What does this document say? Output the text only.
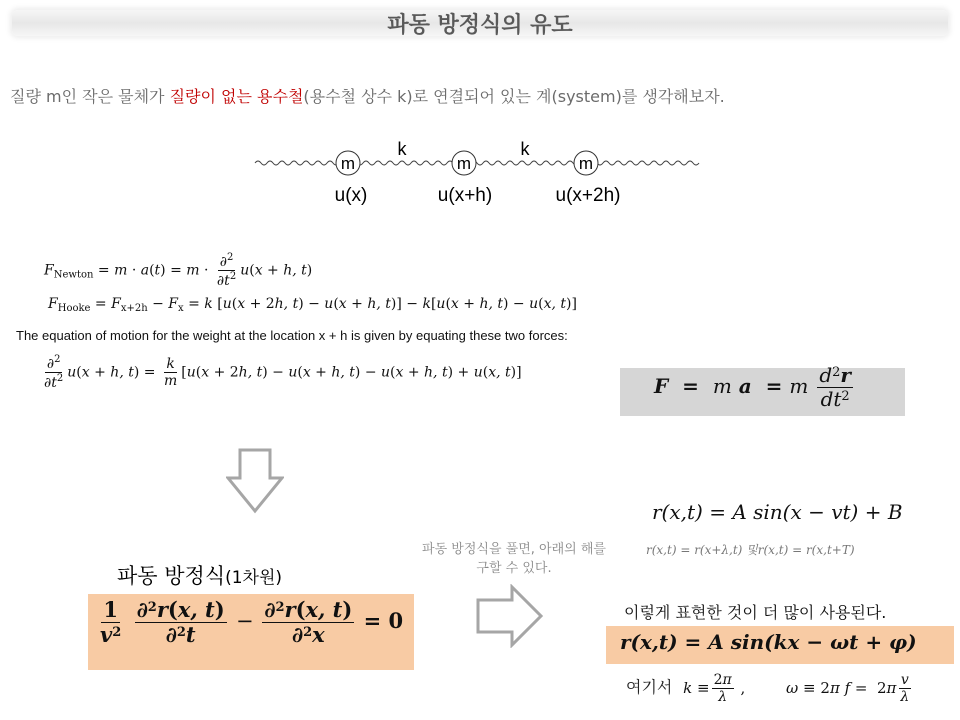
파동 방정식의 유도
질량 m인 작은 물체가 질량이 없는 용수철(용수철 상수 k)로 연결되어 있는 계(system)를 생각해보자.
m	m	m
k	k
u(x)	u(x+h)	u(x+2h)
$F_{Newton} = m \cdot a(t) = m \cdot \frac{\partial^2}{\partial t^2} u(x + h$, t)
$F_{Hooke} = F_{x+2h} - F_x = k$ [u(x + 2h, t) − u(x + h, t)] − k[u(x + h, t) − u(x, t)]
The equation of motion for the weight at the location x + h is given by equating these two forces:
$\frac{\partial^2}{\partial t^2} u(x + h$, $t) = \frac{k}{m} [u(x + 2h$, t) − u(x + h, t) − u(x + h, t) + u(x, t)]
F  = m a  = m $\frac{d^2r}{dt^2}$
파동 방정식을 풀면, 아래의 해를 구할 수 있다.
파동 방정식(1차원)
$\frac{1}{v^2}$
$\frac{\partial^2r(x, t)}{\partial^2t} - \frac{\partial^2r(x, t)}{\partial^2x} = 0$
r(x,t) = A sin(x − vt) + B
r(x,t) = r(x+λ,t) 및r(x,t) = r(x,t+T)
이렇게 표현한 것이 더 많이 사용된다.
r(x,t) = A sin(kx − ωt + φ)
여기서 $k \equiv \frac{2\pi}{\lambda}$ ,	ω ≡ 2π $f = 2\pi \frac{v}{\lambda}$
